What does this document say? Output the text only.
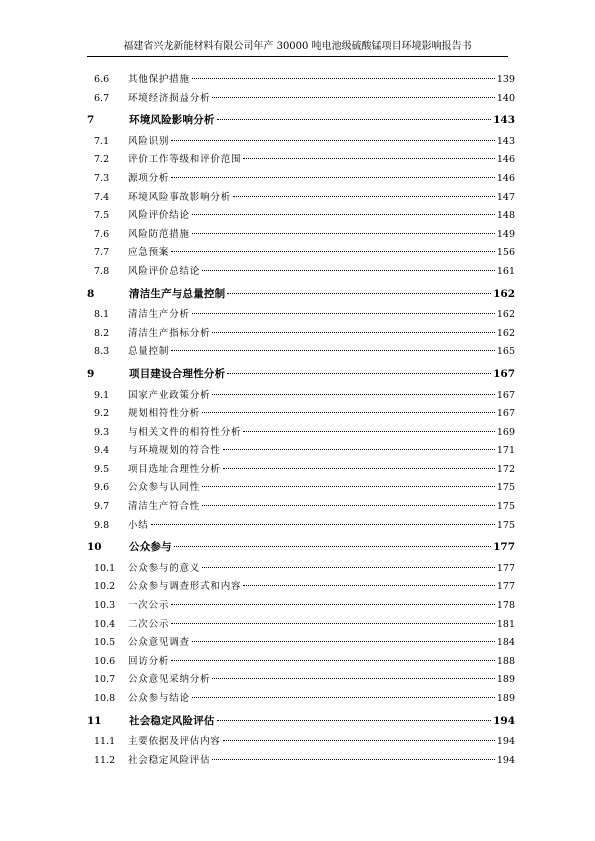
福建省兴龙新能材料有限公司年产 30000 吨电池级硫酸锰项目环境影响报告书
6.6	其他保护措施	139
6.7	环境经济损益分析	140
7	环境风险影响分析	143
7.1	风险识别	143
7.2	评价工作等级和评价范围	146
7.3	源项分析	146
7.4	环境风险事故影响分析	147
7.5	风险评价结论	148
7.6	风险防范措施	149
7.7	应急预案	156
7.8	风险评价总结论	161
8	清洁生产与总量控制	162
8.1	清洁生产分析	162
8.2	清洁生产指标分析	162
8.3	总量控制	165
9	项目建设合理性分析	167
9.1	国家产业政策分析	167
9.2	规划相符性分析	167
9.3	与相关文件的相符性分析	169
9.4	与环境规划的符合性	171
9.5	项目选址合理性分析	172
9.6	公众参与认同性	175
9.7	清洁生产符合性	175
9.8	小结	175
10	公众参与	177
10.1	公众参与的意义	177
10.2	公众参与调查形式和内容	177
10.3	一次公示	178
10.4	二次公示	181
10.5	公众意见调查	184
10.6	回访分析	188
10.7	公众意见采纳分析	189
10.8	公众参与结论	189
11	社会稳定风险评估	194
11.1	主要依据及评估内容	194
11.2	社会稳定风险评估	194
